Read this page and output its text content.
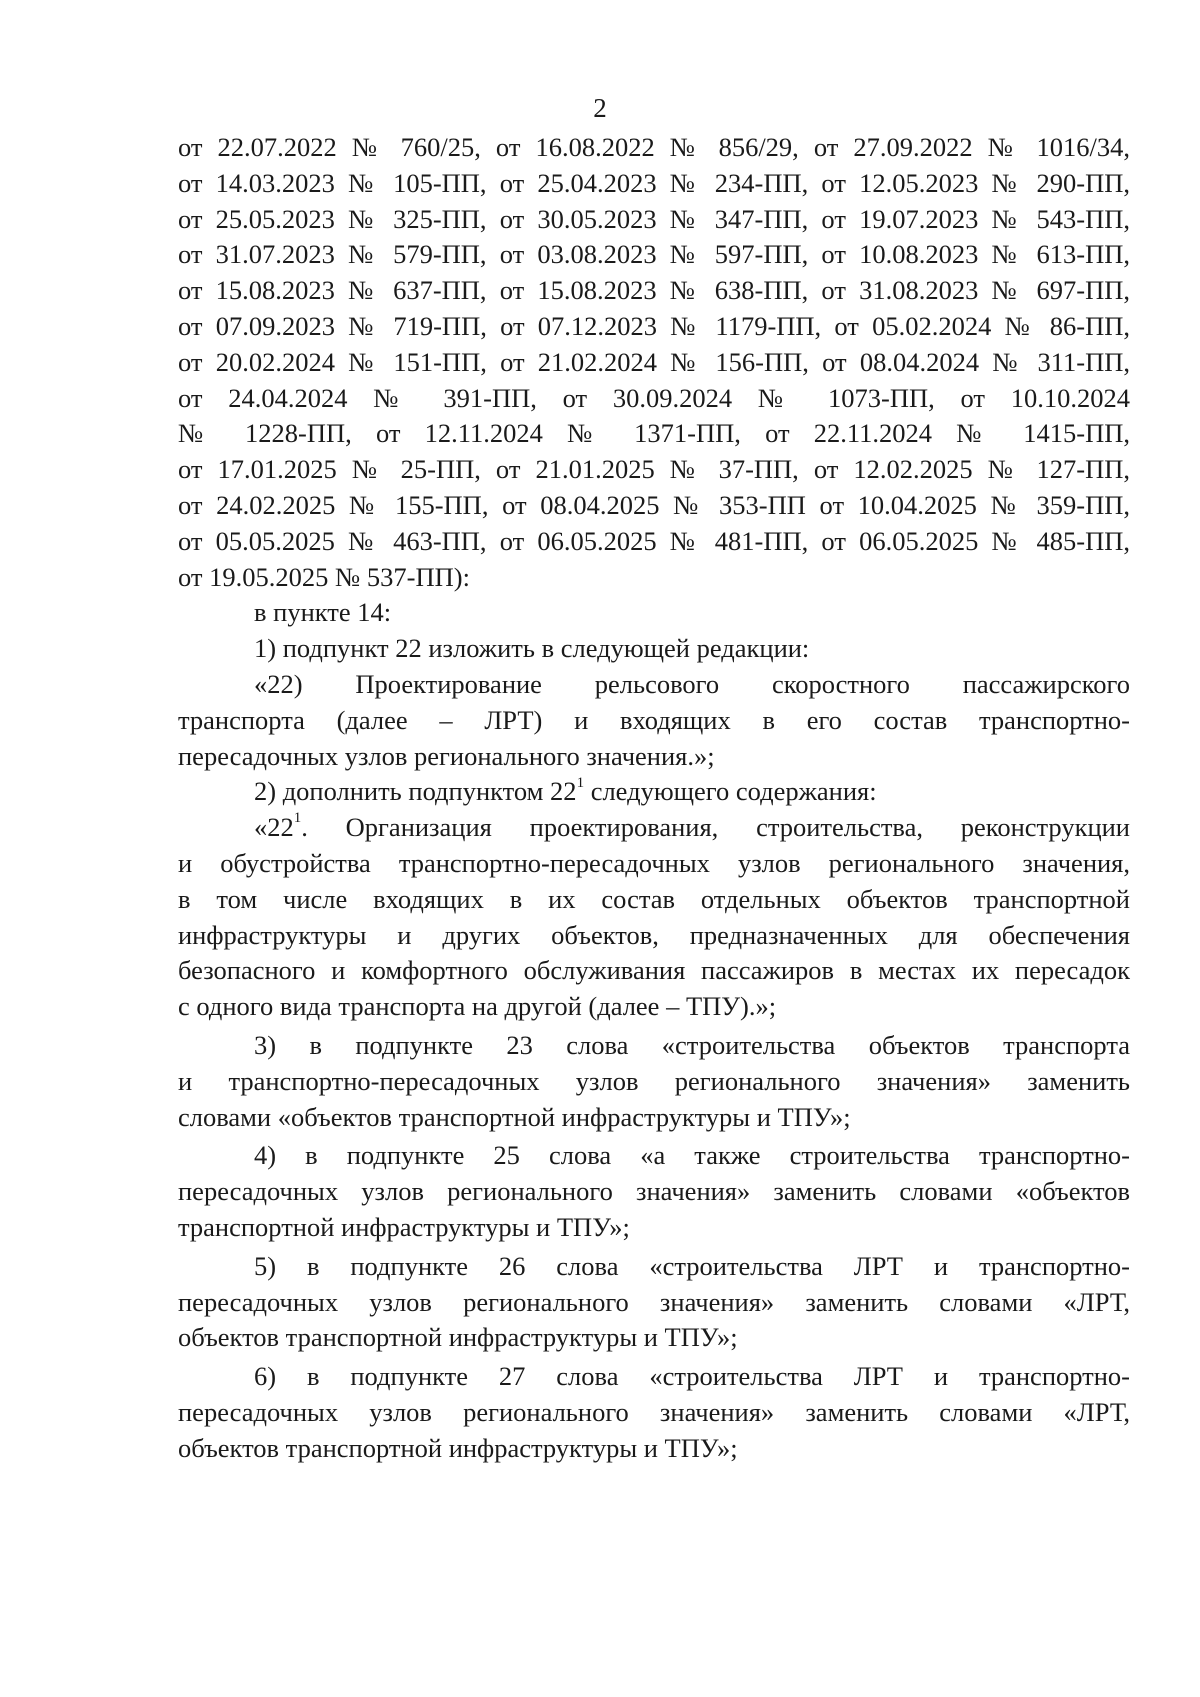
2
от 22.07.2022 № 760/25, от 16.08.2022 № 856/29, от 27.09.2022 № 1016/34,
от 14.03.2023 № 105-ПП, от 25.04.2023 № 234-ПП, от 12.05.2023 № 290-ПП,
от 25.05.2023 № 325-ПП, от 30.05.2023 № 347-ПП, от 19.07.2023 № 543-ПП,
от 31.07.2023 № 579-ПП, от 03.08.2023 № 597-ПП, от 10.08.2023 № 613-ПП,
от 15.08.2023 № 637-ПП, от 15.08.2023 № 638-ПП, от 31.08.2023 № 697-ПП,
от 07.09.2023 № 719-ПП, от 07.12.2023 № 1179-ПП, от 05.02.2024 № 86-ПП,
от 20.02.2024 № 151-ПП, от 21.02.2024 № 156-ПП, от 08.04.2024 № 311-ПП,
от 24.04.2024 № 391-ПП, от 30.09.2024 № 1073-ПП, от 10.10.2024
№ 1228-ПП, от 12.11.2024 № 1371-ПП, от 22.11.2024 № 1415-ПП,
от 17.01.2025 № 25-ПП, от 21.01.2025 № 37-ПП, от 12.02.2025 № 127-ПП,
от 24.02.2025 № 155-ПП, от 08.04.2025 № 353-ПП от 10.04.2025 № 359-ПП,
от 05.05.2025 № 463-ПП, от 06.05.2025 № 481-ПП, от 06.05.2025 № 485-ПП,
от 19.05.2025 № 537-ПП):
в пункте 14:
1) подпункт 22 изложить в следующей редакции:
«22) Проектирование рельсового скоростного пассажирского
транспорта (далее – ЛРТ) и входящих в его состав транспортно-
пересадочных узлов регионального значения.»;
2) дополнить подпунктом $22^1$ следующего содержания:
«$22^1$. Организация проектирования, строительства, реконструкции
и обустройства транспортно-пересадочных узлов регионального значения,
в том числе входящих в их состав отдельных объектов транспортной
инфраструктуры и других объектов, предназначенных для обеспечения
безопасного и комфортного обслуживания пассажиров в местах их пересадок
с одного вида транспорта на другой (далее – ТПУ).»;
3) в подпункте 23 слова «строительства объектов транспорта
и транспортно-пересадочных узлов регионального значения» заменить
словами «объектов транспортной инфраструктуры и ТПУ»;
4) в подпункте 25 слова «а также строительства транспортно-
пересадочных узлов регионального значения» заменить словами «объектов
транспортной инфраструктуры и ТПУ»;
5) в подпункте 26 слова «строительства ЛРТ и транспортно-
пересадочных узлов регионального значения» заменить словами «ЛРТ,
объектов транспортной инфраструктуры и ТПУ»;
6) в подпункте 27 слова «строительства ЛРТ и транспортно-
пересадочных узлов регионального значения» заменить словами «ЛРТ,
объектов транспортной инфраструктуры и ТПУ»;
